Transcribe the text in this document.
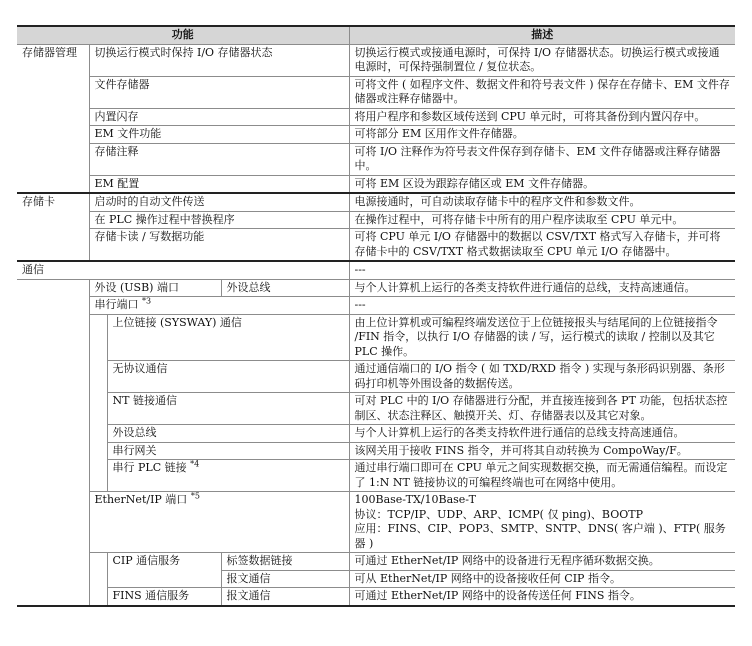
功能				描述
存储器管理	切换运行模式时保持 I/O 存储器状态			切换运行模式或接通电源时，可保持 I/O 存储器状态。切换运行模式或接通电源时，可保持强制置位 / 复位状态。
	文件存储器			可将文件 ( 如程序文件、数据文件和符号表文件 ) 保存在存储卡、EM 文件存储器或注释存储器中。
	内置闪存			将用户程序和参数区域传送到 CPU 单元时，可将其备份到内置闪存中。
	EM 文件功能			可将部分 EM 区用作文件存储器。
	存储注释			可将 I/O 注释作为符号表文件保存到存储卡、EM 文件存储器或注释存储器中。
	EM 配置			可将 EM 区设为跟踪存储区或 EM 文件存储器。
存储卡	启动时的自动文件传送			电源接通时，可自动读取存储卡中的程序文件和参数文件。
	在 PLC 操作过程中替换程序			在操作过程中，可将存储卡中所有的用户程序读取至 CPU 单元中。
	存储卡读 / 写数据功能			可将 CPU 单元 I/O 存储器中的数据以 CSV/TXT 格式写入存储卡，并可将存储卡中的 CSV/TXT 格式数据读取至 CPU 单元 I/O 存储器中。
通信				---
	外设 (USB) 端口		外设总线	与个人计算机上运行的各类支持软件进行通信的总线，支持高速通信。
	串行端口 $^{*3}$			---
		上位链接 (SYSWAY) 通信		由上位计算机或可编程终端发送位于上位链接报头与结尾间的上位链接指令 /FIN 指令，以执行 I/O 存储器的读 / 写，运行模式的读取 / 控制以及其它 PLC 操作。
		无协议通信		通过通信端口的 I/O 指令 ( 如 TXD/RXD 指令 ) 实现与条形码识别器、条形码打印机等外围设备的数据传送。
		NT 链接通信		可对 PLC 中的 I/O 存储器进行分配，并直接连接到各 PT 功能，包括状态控制区、状态注释区、触摸开关、灯、存储器表以及其它对象。
		外设总线		与个人计算机上运行的各类支持软件进行通信的总线支持高速通信。
		串行网关		该网关用于接收 FINS 指令，并可将其自动转换为 CompoWay/F。
		串行 PLC 链接 $^{*4}$		通过串行端口即可在 CPU 单元之间实现数据交换，而无需通信编程。而设定了 1:N NT 链接协议的可编程终端也可在网络中使用。
	EtherNet/IP 端口 $^{*5}$			100Base-TX/10Base-T
协议：TCP/IP、UDP、ARP、ICMP( 仅 ping)、BOOTP
应用：FINS、CIP、POP3、SMTP、SNTP、DNS( 客户端 )、FTP( 服务器 )

		CIP 通信服务	标签数据链接	可通过 EtherNet/IP 网络中的设备进行无程序循环数据交换。
			报文通信	可从 EtherNet/IP 网络中的设备接收任何 CIP 指令。
		FINS 通信服务	报文通信	可通过 EtherNet/IP 网络中的设备传送任何 FINS 指令。
